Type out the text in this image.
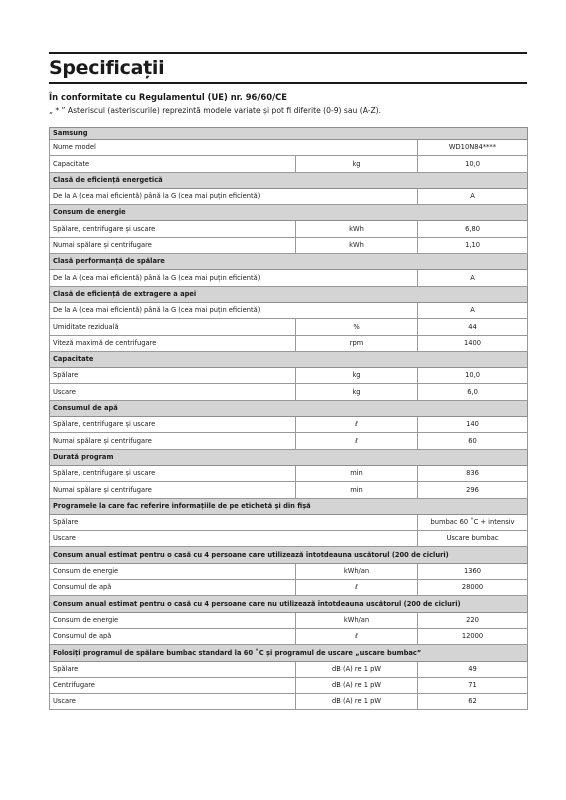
Specificații
În conformitate cu Regulamentul (UE) nr. 96/60/CE
„ * ” Asteriscul (asteriscurile) reprezintă modele variate și pot fi diferite (0-9) sau (A-Z).
Samsung		
Nume model		WD10N84****
Capacitate	kg	10,0
Clasă de eficiență energetică		
De la A (cea mai eficientă) până la G (cea mai puțin eficientă)		A
Consum de energie		
Spălare, centrifugare și uscare	kWh	6,80
Numai spălare și centrifugare	kWh	1,10
Clasă performanță de spălare		
De la A (cea mai eficientă) până la G (cea mai puțin eficientă)		A
Clasă de eficiență de extragere a apei		
De la A (cea mai eficientă) până la G (cea mai puțin eficientă)		A
Umiditate reziduală	%	44
Viteză maximă de centrifugare	rpm	1400
Capacitate		
Spălare	kg	10,0
Uscare	kg	6,0
Consumul de apă		
Spălare, centrifugare și uscare	ℓ	140
Numai spălare și centrifugare	ℓ	60
Durată program		
Spălare, centrifugare și uscare	min	836
Numai spălare și centrifugare	min	296
Programele la care fac referire informațiile de pe etichetă și din fișă		
Spălare		bumbac 60 ˚C + intensiv
Uscare		Uscare bumbac
Consum anual estimat pentru o casă cu 4 persoane care utilizează întotdeauna uscătorul (200 de cicluri)		
Consum de energie	kWh/an	1360
Consumul de apă	ℓ	28000
Consum anual estimat pentru o casă cu 4 persoane care nu utilizează întotdeauna uscătorul (200 de cicluri)		
Consum de energie	kWh/an	220
Consumul de apă	ℓ	12000
Folosiți programul de spălare bumbac standard la 60 ˚C și programul de uscare „uscare bumbac”		
Spălare	dB (A) re 1 pW	49
Centrifugare	dB (A) re 1 pW	71
Uscare	dB (A) re 1 pW	62
